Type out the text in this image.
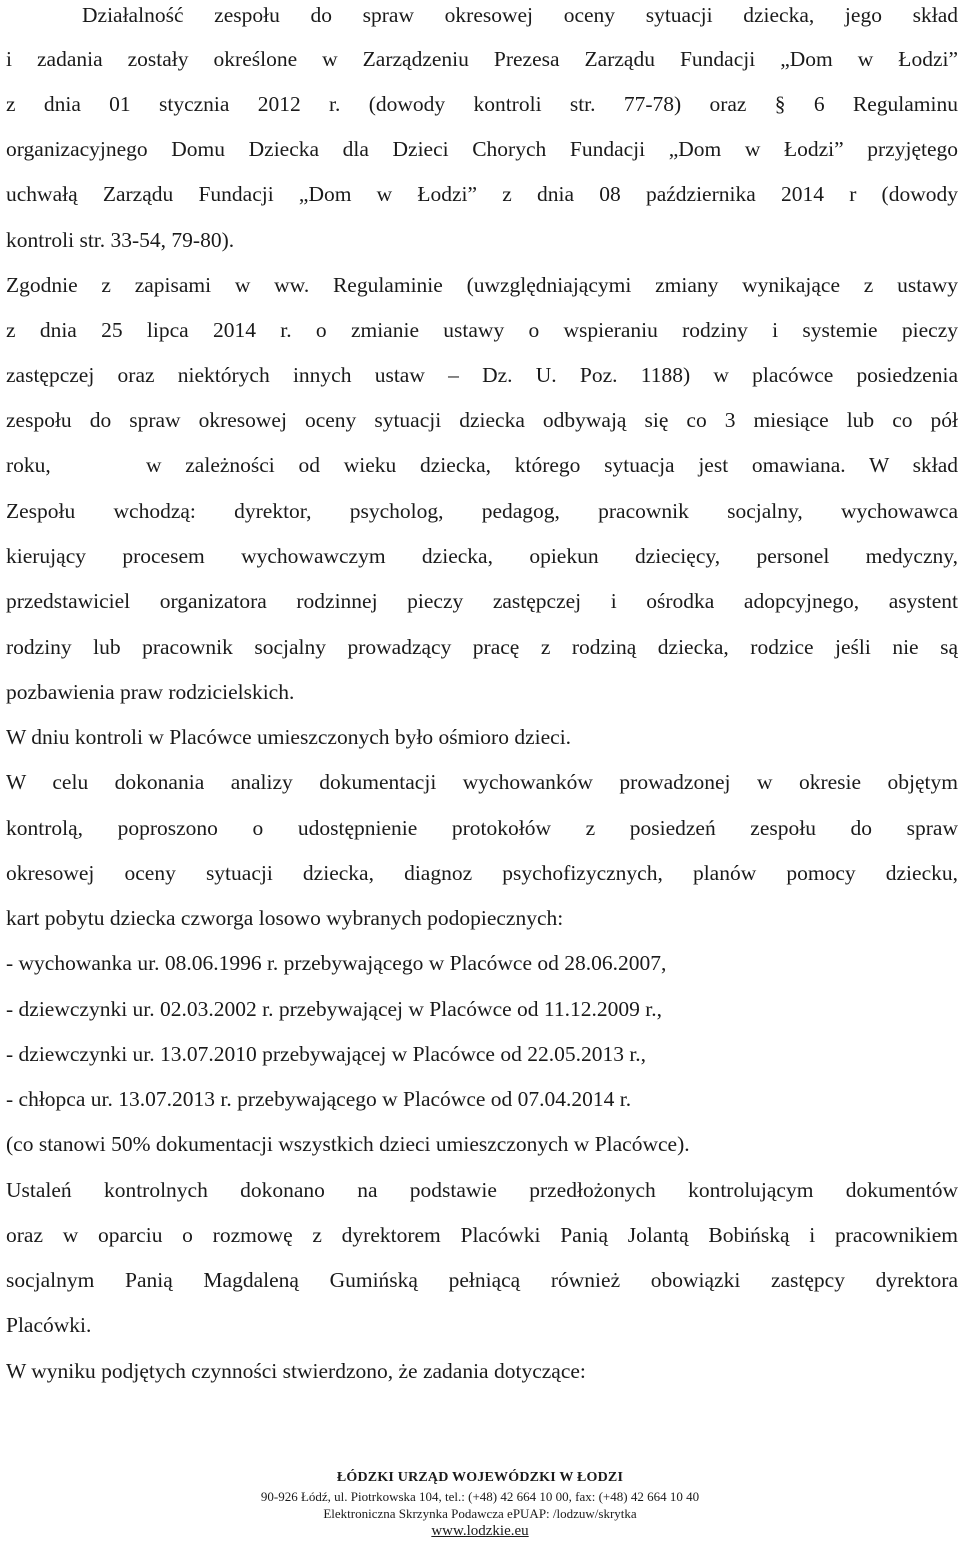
Działalność zespołu do spraw okresowej oceny sytuacji dziecka, jego skład
i zadania zostały określone w Zarządzeniu Prezesa Zarządu Fundacji „Dom w Łodzi”
z dnia 01 stycznia 2012 r. (dowody kontroli str. 77-78) oraz § 6 Regulaminu
organizacyjnego Domu Dziecka dla Dzieci Chorych Fundacji „Dom w Łodzi” przyjętego
uchwałą Zarządu Fundacji „Dom w Łodzi” z dnia 08 października 2014 r (dowody
kontroli str. 33-54, 79-80).
Zgodnie z zapisami w ww. Regulaminie (uwzględniającymi zmiany wynikające z ustawy
z dnia 25 lipca 2014 r. o zmianie ustawy o wspieraniu rodziny i systemie pieczy
zastępczej oraz niektórych innych ustaw – Dz. U. Poz. 1188) w placówce posiedzenia
zespołu do spraw okresowej oceny sytuacji dziecka odbywają się co 3 miesiące lub co pół
roku,	w zależności od wieku dziecka, którego sytuacja jest omawiana. W skład
Zespołu wchodzą: dyrektor, psycholog, pedagog, pracownik socjalny, wychowawca
kierujący procesem wychowawczym dziecka, opiekun dziecięcy, personel medyczny,
przedstawiciel organizatora rodzinnej pieczy zastępczej i ośrodka adopcyjnego, asystent
rodziny lub pracownik socjalny prowadzący pracę z rodziną dziecka, rodzice jeśli nie są
pozbawienia praw rodzicielskich.
W dniu kontroli w Placówce umieszczonych było ośmioro dzieci.
W celu dokonania analizy dokumentacji wychowanków prowadzonej w okresie objętym
kontrolą, poproszono o udostępnienie protokołów z posiedzeń zespołu do spraw
okresowej oceny sytuacji dziecka, diagnoz psychofizycznych, planów pomocy dziecku,
kart pobytu dziecka czworga losowo wybranych podopiecznych:
- wychowanka ur. 08.06.1996 r. przebywającego w Placówce od 28.06.2007,
- dziewczynki ur. 02.03.2002 r. przebywającej w Placówce od 11.12.2009 r.,
- dziewczynki ur. 13.07.2010 przebywającej w Placówce od 22.05.2013 r.,
- chłopca ur. 13.07.2013 r. przebywającego w Placówce od 07.04.2014 r.
(co stanowi 50% dokumentacji wszystkich dzieci umieszczonych w Placówce).
Ustaleń kontrolnych dokonano na podstawie przedłożonych kontrolującym dokumentów
oraz w oparciu o rozmowę z dyrektorem Placówki Panią Jolantą Bobińską i pracownikiem
socjalnym Panią Magdaleną Gumińską pełniącą również obowiązki zastępcy dyrektora
Placówki.
W wyniku podjętych czynności stwierdzono, że zadania dotyczące:
ŁÓDZKI URZĄD WOJEWÓDZKI W ŁODZI
90-926 Łódź, ul. Piotrkowska 104, tel.: (+48) 42 664 10 00, fax: (+48) 42 664 10 40
Elektroniczna Skrzynka Podawcza ePUAP: /lodzuw/skrytka
www.lodzkie.eu
